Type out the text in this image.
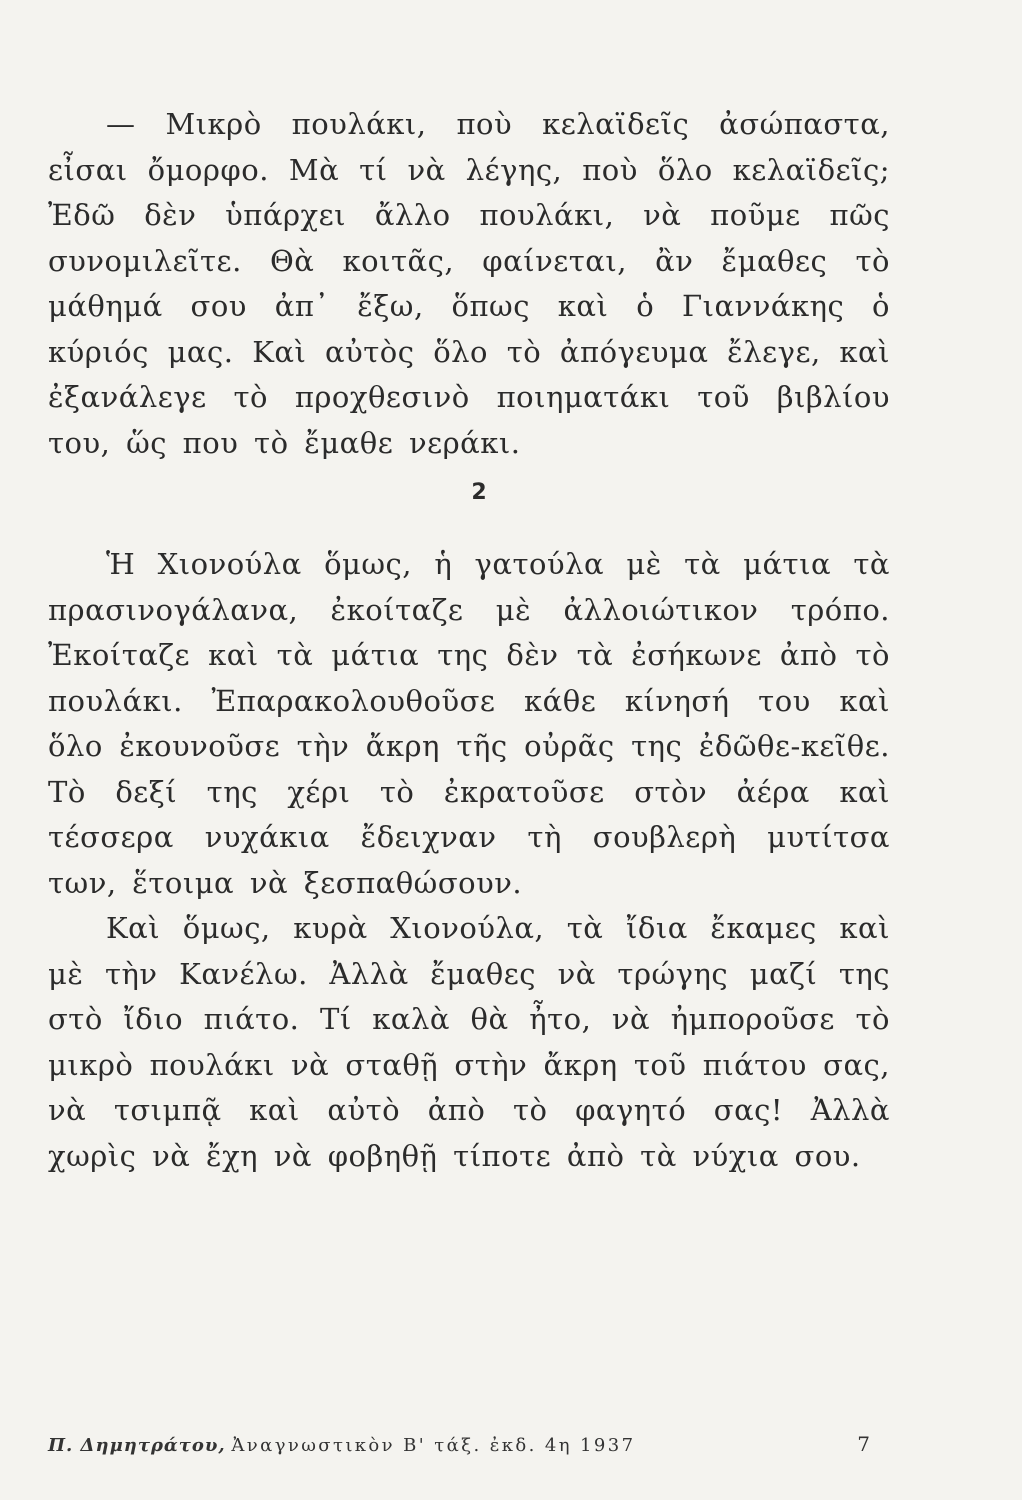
— Μικρὸ πουλάκι, ποὺ κελαϊδεῖς ἀσώπαστα, εἶσαι ὄμορφο. Μὰ τί νὰ λέγης, ποὺ ὅλο κελαϊδεῖς; Ἐδῶ δὲν ὑπάρχει ἄλλο πουλάκι, νὰ ποῦμε πῶς συνομιλεῖτε. Θὰ κοιτᾶς, φαίνεται, ἂν ἔμαθες τὸ μάθημά σου ἀπ᾽ ἔξω, ὅπως καὶ ὁ Γιαννάκης ὁ κύριός μας. Καὶ αὐτὸς ὅλο τὸ ἀπόγευμα ἔλεγε, καὶ ἐξανάλεγε τὸ προχθεσινὸ ποιηματάκι τοῦ βιβλίου του, ὥς που τὸ ἔμαθε νεράκι.

2

Ἡ Χιονούλα ὅμως, ἡ γατούλα μὲ τὰ μάτια τὰ πρασινογάλανα, ἐκοίταζε μὲ ἀλλοιώτικον τρόπο. Ἐκοίταζε καὶ τὰ μάτια της δὲν τὰ ἐσήκωνε ἀπὸ τὸ πουλάκι. Ἐπαρακολουθοῦσε κάθε κίνησή του καὶ ὅλο ἐκουνοῦσε τὴν ἄκρη τῆς οὐρᾶς της ἐδῶθε-κεῖθε. Τὸ δεξί της χέρι τὸ ἐκρατοῦσε στὸν ἀέρα καὶ τέσσερα νυχάκια ἔδειχναν τὴ σουβλερὴ μυτίτσα των, ἕτοιμα νὰ ξεσπαθώσουν.

Καὶ ὅμως, κυρὰ Χιονούλα, τὰ ἴδια ἔκαμες καὶ μὲ τὴν Κανέλω. Ἀλλὰ ἔμαθες νὰ τρώγης μαζί της στὸ ἴδιο πιάτο. Τί καλὰ θὰ ἦτο, νὰ ἠμποροῦσε τὸ μικρὸ πουλάκι νὰ σταθῇ στὴν ἄκρη τοῦ πιάτου σας, νὰ τσιμπᾷ καὶ αὐτὸ ἀπὸ τὸ φαγητό σας! Ἀλλὰ χωρὶς νὰ ἔχη νὰ φοβηθῇ τίποτε ἀπὸ τὰ νύχια σου.

Π. Δημητράτου, Ἀναγνωστικὸν Β' τάξ. ἐκδ. 4η 1937	7
